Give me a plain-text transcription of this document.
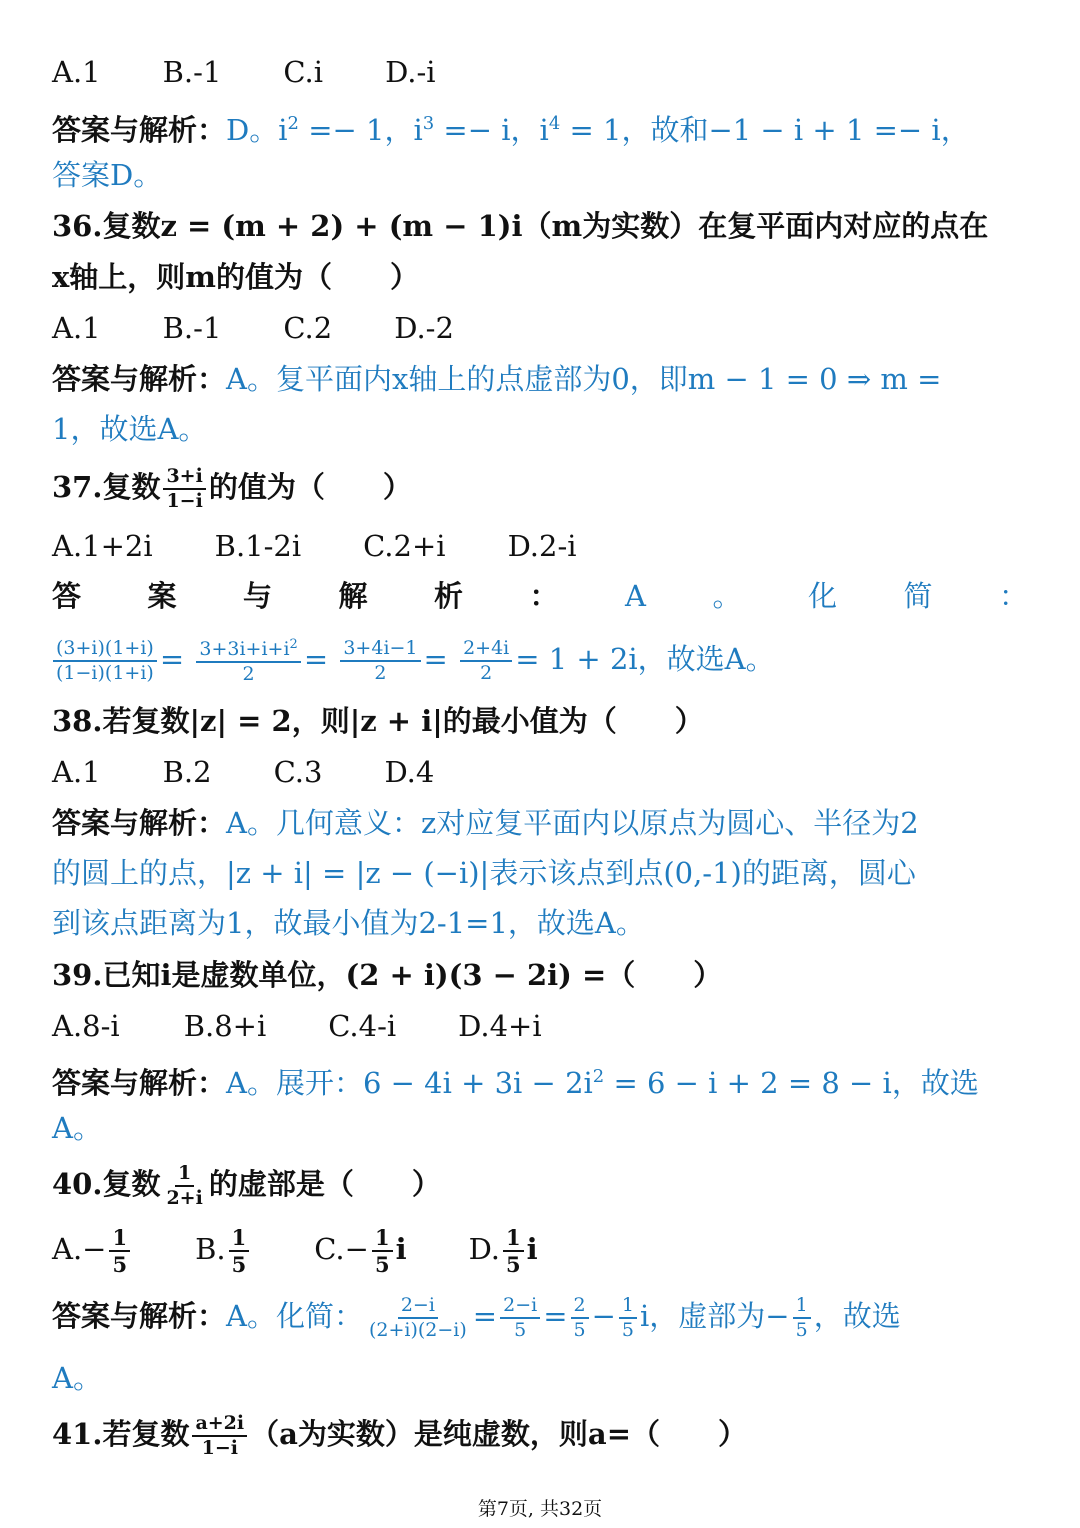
A.1 B.-1 C.i D.-i
答案与解析：D。$i^2 =- 1$，$i^3 =- i$，$i^4 = 1$，故和−1 − i + 1 =− i，
答案D。
36.复数z = (m + 2) + (m − 1)i（m为实数）在复平面内对应的点在
x轴上，则m的值为（　　）
A.1 B.-1 C.2 D.-2
答案与解析：A。复平面内x轴上的点虚部为0，即m − 1 = 0 ⇒ m =
1，故选A。
37.复数 $\frac{3+i}{1-i}$ 的值为（　　）
A.1+2i B.1-2i C.2+i D.2-i
答 案 与 解 析 ： A 。 化 简 ：
$\frac{(3+i)(1+i)}{(1-i)(1+i)} = \frac{3+3i+i+i^2}{2} = \frac{3+4i-1}{2} = \frac{2+4i}{2} = 1 + 2i$，故选A。
38.若复数|z| = 2，则|z + i|的最小值为（　　）
A.1 B.2 C.3 D.4
答案与解析：A。几何意义：z对应复平面内以原点为圆心、半径为2
的圆上的点，|z + i| = |z − (−i)|表示该点到点(0,-1)的距离，圆心
到该点距离为1，故最小值为2-1=1，故选A。
39.已知i是虚数单位，(2 + i)(3 − 2i) =（　　）
A.8-i B.8+i C.4-i D.4+i
答案与解析：A。展开：$6 - 4i + 3i - 2i^2 = 6 - i + 2 = 8 - i$，故选
A。
40.复数 $\frac{1}{2+i}$ 的虚部是（　　）
$A.- \frac{1}{5} B$. $\frac{1}{5} C.- \frac{1}{5}$ i D. $\frac{1}{5}$ i
答案与解析：A。化简： $\frac{2-i}{(2+i)(2-i)} = \frac{2-i}{5} = \frac{2}{5} - \frac{1}{5}$ i，虚部为− $\frac{1}{5}$ ，故选
A。
41.若复数 $\frac{a+2i}{1-i} (a$为实数）是纯虚数，则a=（　　）
第7页, 共32页
